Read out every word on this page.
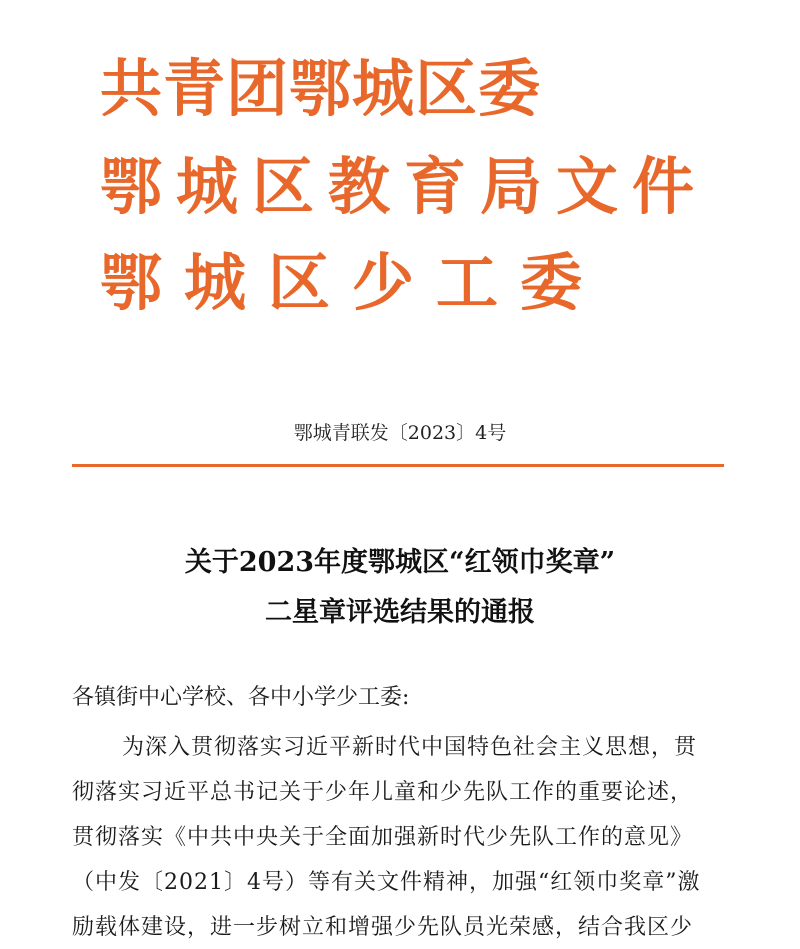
共青团鄂城区委
鄂城区教育局文件
鄂城区少工委
鄂城青联发〔2023〕4号
关于2023年度鄂城区“红领巾奖章”
二星章评选结果的通报
各镇街中心学校、各中小学少工委:
为深入贯彻落实习近平新时代中国特色社会主义思想，贯
彻落实习近平总书记关于少年儿童和少先队工作的重要论述，
贯彻落实《中共中央关于全面加强新时代少先队工作的意见》
（中发〔2021〕4号）等有关文件精神，加强“红领巾奖章”激
励载体建设，进一步树立和增强少先队员光荣感，结合我区少
